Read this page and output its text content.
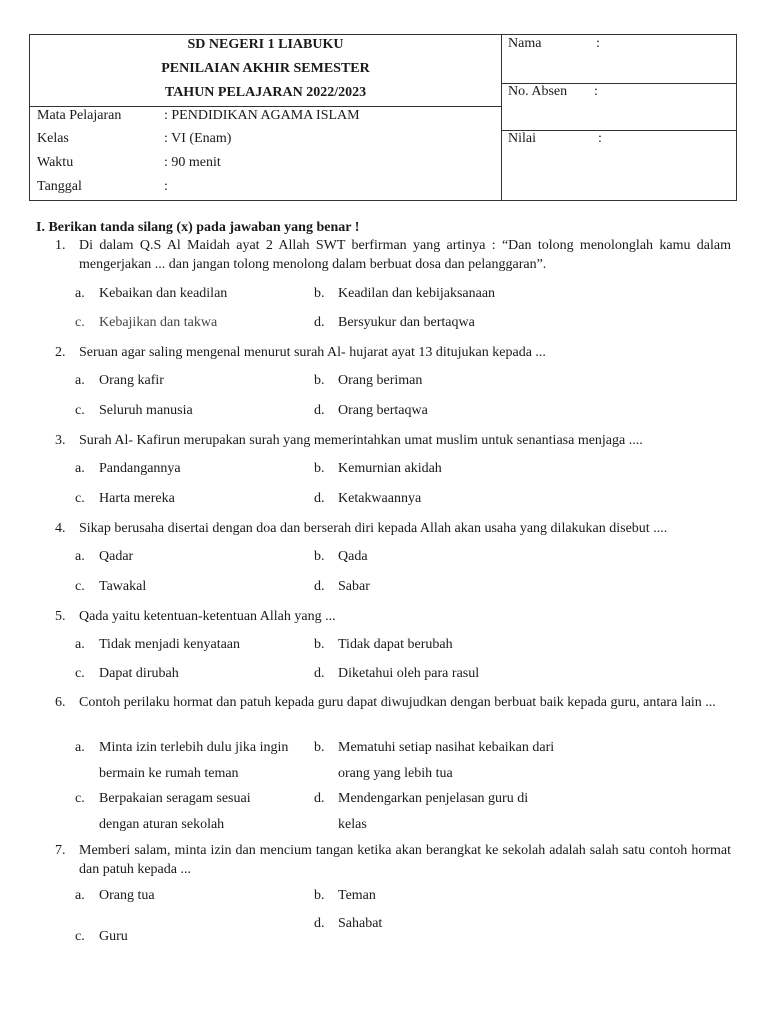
SD NEGERI 1 LIABUKU
PENILAIAN AKHIR SEMESTER
TAHUN PELAJARAN 2022/2023
Mata Pelajaran	: PENDIDIKAN AGAMA ISLAM
Kelas	: VI (Enam)
Waktu	: 90 menit
Tanggal	:
Nama	:
No. Absen :
Nilai	:
I. Berikan tanda silang (x) pada jawaban yang benar !
1. Di dalam Q.S Al Maidah ayat 2 Allah SWT berfirman yang artinya : “Dan tolong menolonglah kamu dalam mengerjakan ... dan jangan tolong menolong dalam berbuat dosa dan pelanggaran”.
a. Kebaikan dan keadilan	b. Keadilan dan kebijaksanaan
c. Kebajikan dan takwa	d. Bersyukur dan bertaqwa
2. Seruan agar saling mengenal menurut surah Al- hujarat ayat 13 ditujukan kepada ...
a. Orang kafir	b. Orang beriman
c. Seluruh manusia	d. Orang bertaqwa
3. Surah Al- Kafirun merupakan surah yang memerintahkan umat muslim untuk senantiasa menjaga ....
a. Pandangannya	b. Kemurnian akidah
c. Harta mereka	d. Ketakwaannya
4. Sikap berusaha disertai dengan doa dan berserah diri kepada Allah akan usaha yang dilakukan disebut ....
a. Qadar	b. Qada
c. Tawakal	d. Sabar
5. Qada yaitu ketentuan-ketentuan Allah yang ...
a. Tidak menjadi kenyataan	b. Tidak dapat berubah
c. Dapat dirubah	d. Diketahui oleh para rasul
6. Contoh perilaku hormat dan patuh kepada guru dapat diwujudkan dengan berbuat baik kepada guru, antara lain ...
a. Minta izin terlebih dulu jika ingin bermain ke rumah teman
b. Mematuhi setiap nasihat kebaikan dari orang yang lebih tua
c. Berpakaian seragam sesuai dengan aturan sekolah
d. Mendengarkan penjelasan guru di kelas
7. Memberi salam, minta izin dan mencium tangan ketika akan berangkat ke sekolah adalah salah satu contoh hormat dan patuh kepada ...
a. Orang tua	b. Teman
c. Guru
d. Sahabat
